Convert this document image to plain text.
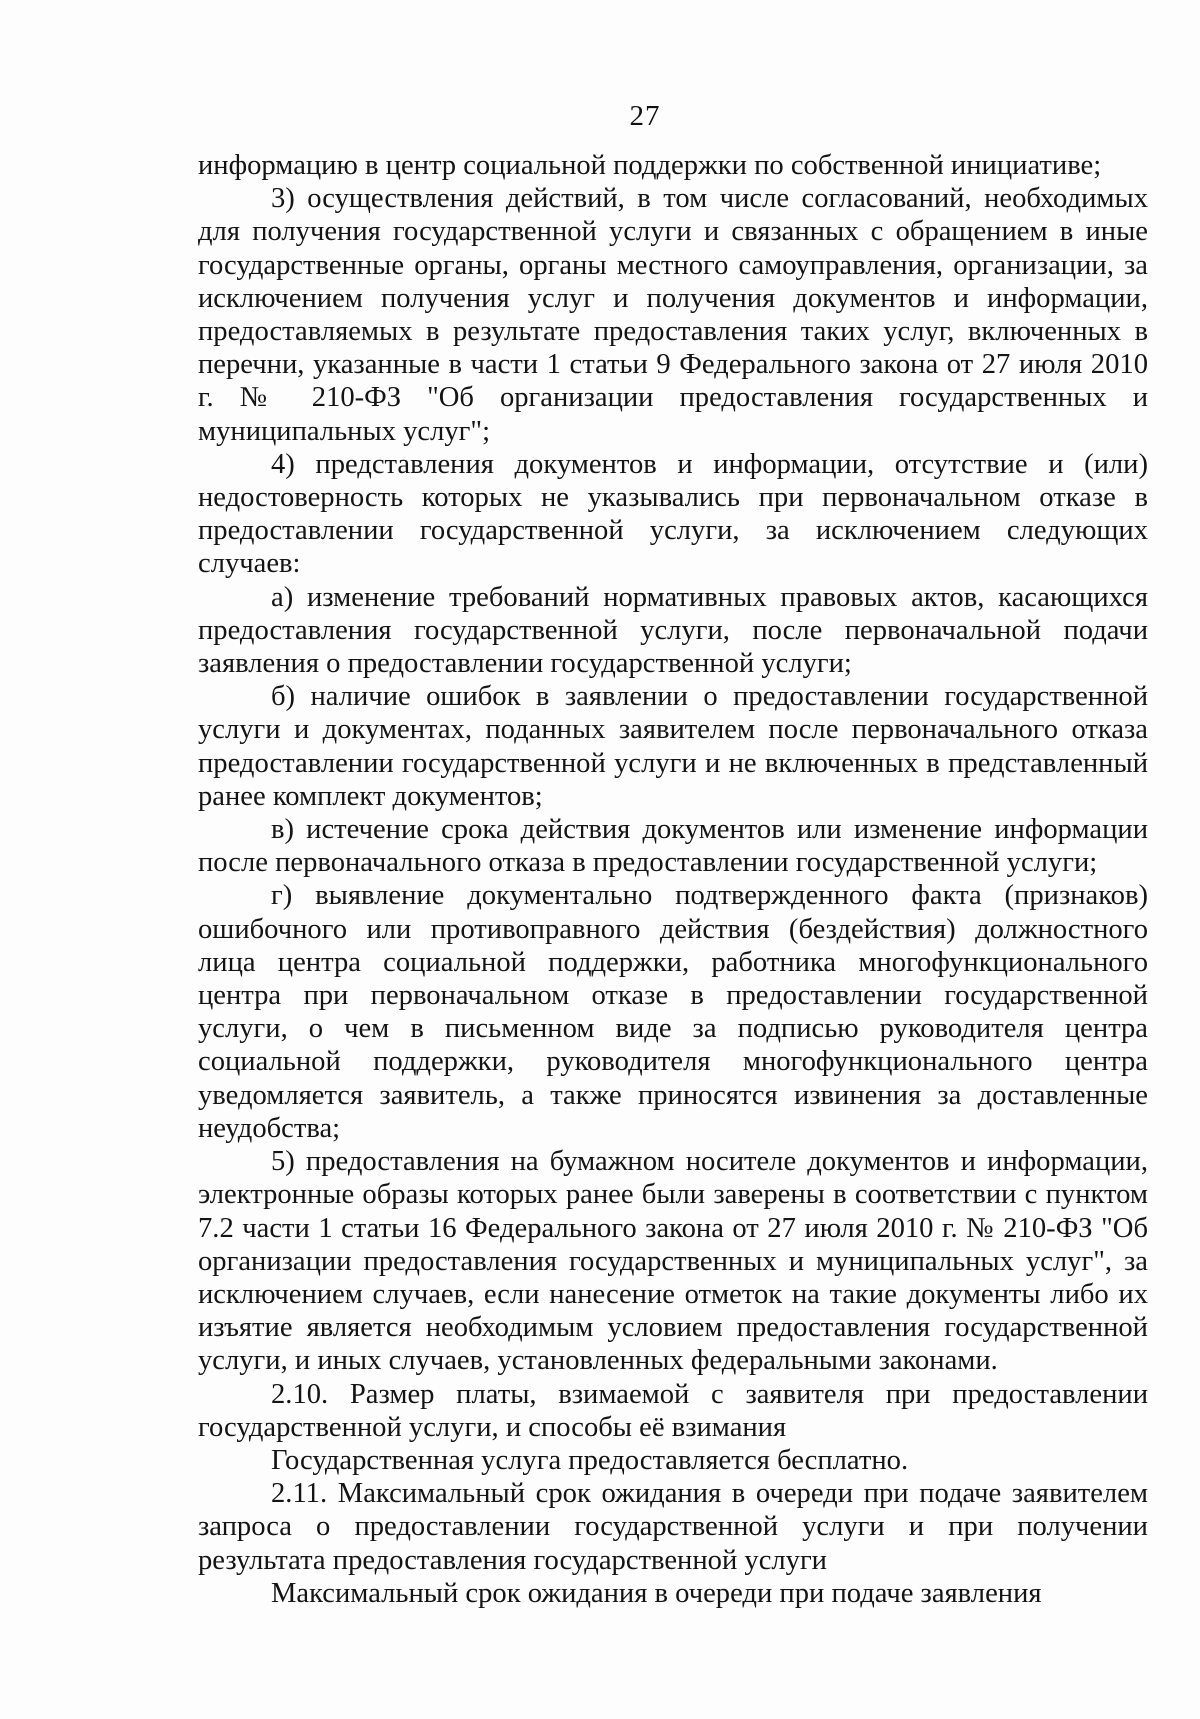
27

информацию в центр социальной поддержки по собственной инициативе;

3) осуществления действий, в том числе согласований, необходимых для получения государственной услуги и связанных с обращением в иные государственные органы, органы местного самоуправления, организации, за исключением получения услуг и получения документов и информации, предоставляемых в результате предоставления таких услуг, включенных в перечни, указанные в части 1 статьи 9 Федерального закона от 27 июля 2010 г. № 210-ФЗ "Об организации предоставления государственных и муниципальных услуг";

4) представления документов и информации, отсутствие и (или) недостоверность которых не указывались при первоначальном отказе в предоставлении государственной услуги, за исключением следующих случаев:

а) изменение требований нормативных правовых актов, касающихся предоставления государственной услуги, после первоначальной подачи заявления о предоставлении государственной услуги;

б) наличие ошибок в заявлении о предоставлении государственной услуги и документах, поданных заявителем после первоначального отказа предоставлении государственной услуги и не включенных в представленный ранее комплект документов;

в) истечение срока действия документов или изменение информации после первоначального отказа в предоставлении государственной услуги;

г) выявление документально подтвержденного факта (признаков) ошибочного или противоправного действия (бездействия) должностного лица центра социальной поддержки, работника многофункционального центра при первоначальном отказе в предоставлении государственной услуги, о чем в письменном виде за подписью руководителя центра социальной поддержки, руководителя многофункционального центра уведомляется заявитель, а также приносятся извинения за доставленные неудобства;

5) предоставления на бумажном носителе документов и информации, электронные образы которых ранее были заверены в соответствии с пунктом 7.2 части 1 статьи 16 Федерального закона от 27 июля 2010 г. № 210-ФЗ "Об организации предоставления государственных и муниципальных услуг", за исключением случаев, если нанесение отметок на такие документы либо их изъятие является необходимым условием предоставления государственной услуги, и иных случаев, установленных федеральными законами.

2.10. Размер платы, взимаемой с заявителя при предоставлении государственной услуги, и способы её взимания

Государственная услуга предоставляется бесплатно.

2.11. Максимальный срок ожидания в очереди при подаче заявителем запроса о предоставлении государственной услуги и при получении результата предоставления государственной услуги

Максимальный срок ожидания в очереди при подаче заявления
